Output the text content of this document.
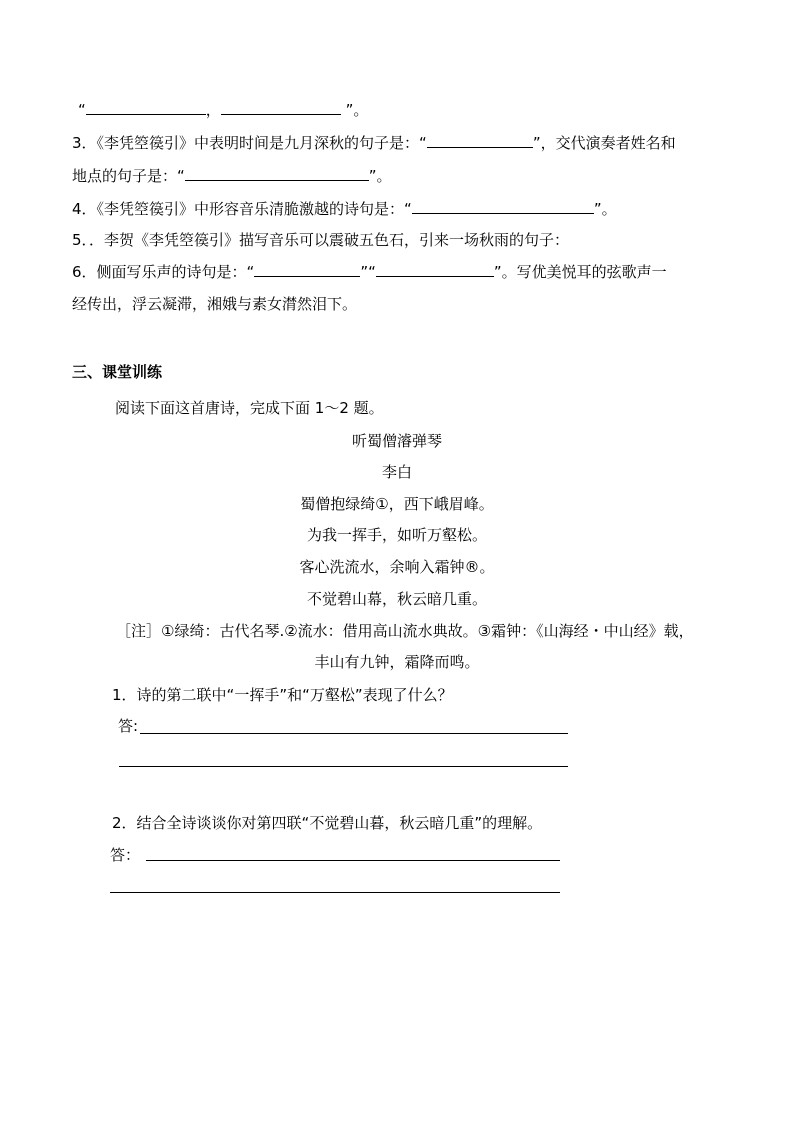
“	，	”。
3．《李凭箜篌引》中表明时间是九月深秋的句子是：“	”，交代演奏者姓名和
地点的句子是：“	”。
4．《李凭箜篌引》中形容音乐清脆激越的诗句是：“	”。
5．．李贺《李凭箜篌引》描写音乐可以震破五色石，引来一场秋雨的句子：
6．侧面写乐声的诗句是：“	”“	”。写优美悦耳的弦歌声一
经传出，浮云凝滞，湘娥与素女潸然泪下。
三、课堂训练
阅读下面这首唐诗，完成下面 1～2 题。
听蜀僧濬弹琴
李白
蜀僧抱绿绮①，西下峨眉峰。
为我一挥手，如听万壑松。
客心洗流水，余响入霜钟®。
不觉碧山幕，秋云暗几重。
［注］①绿绮：古代名琴.②流水：借用高山流水典故。③霜钟：《山海经・中山经》载，
丰山有九钟，霜降而鸣。
1．诗的第二联中“一挥手”和“万壑松”表现了什么？
答:
2．结合全诗谈谈你对第四联“不觉碧山暮，秋云暗几重”的理解。
答：
